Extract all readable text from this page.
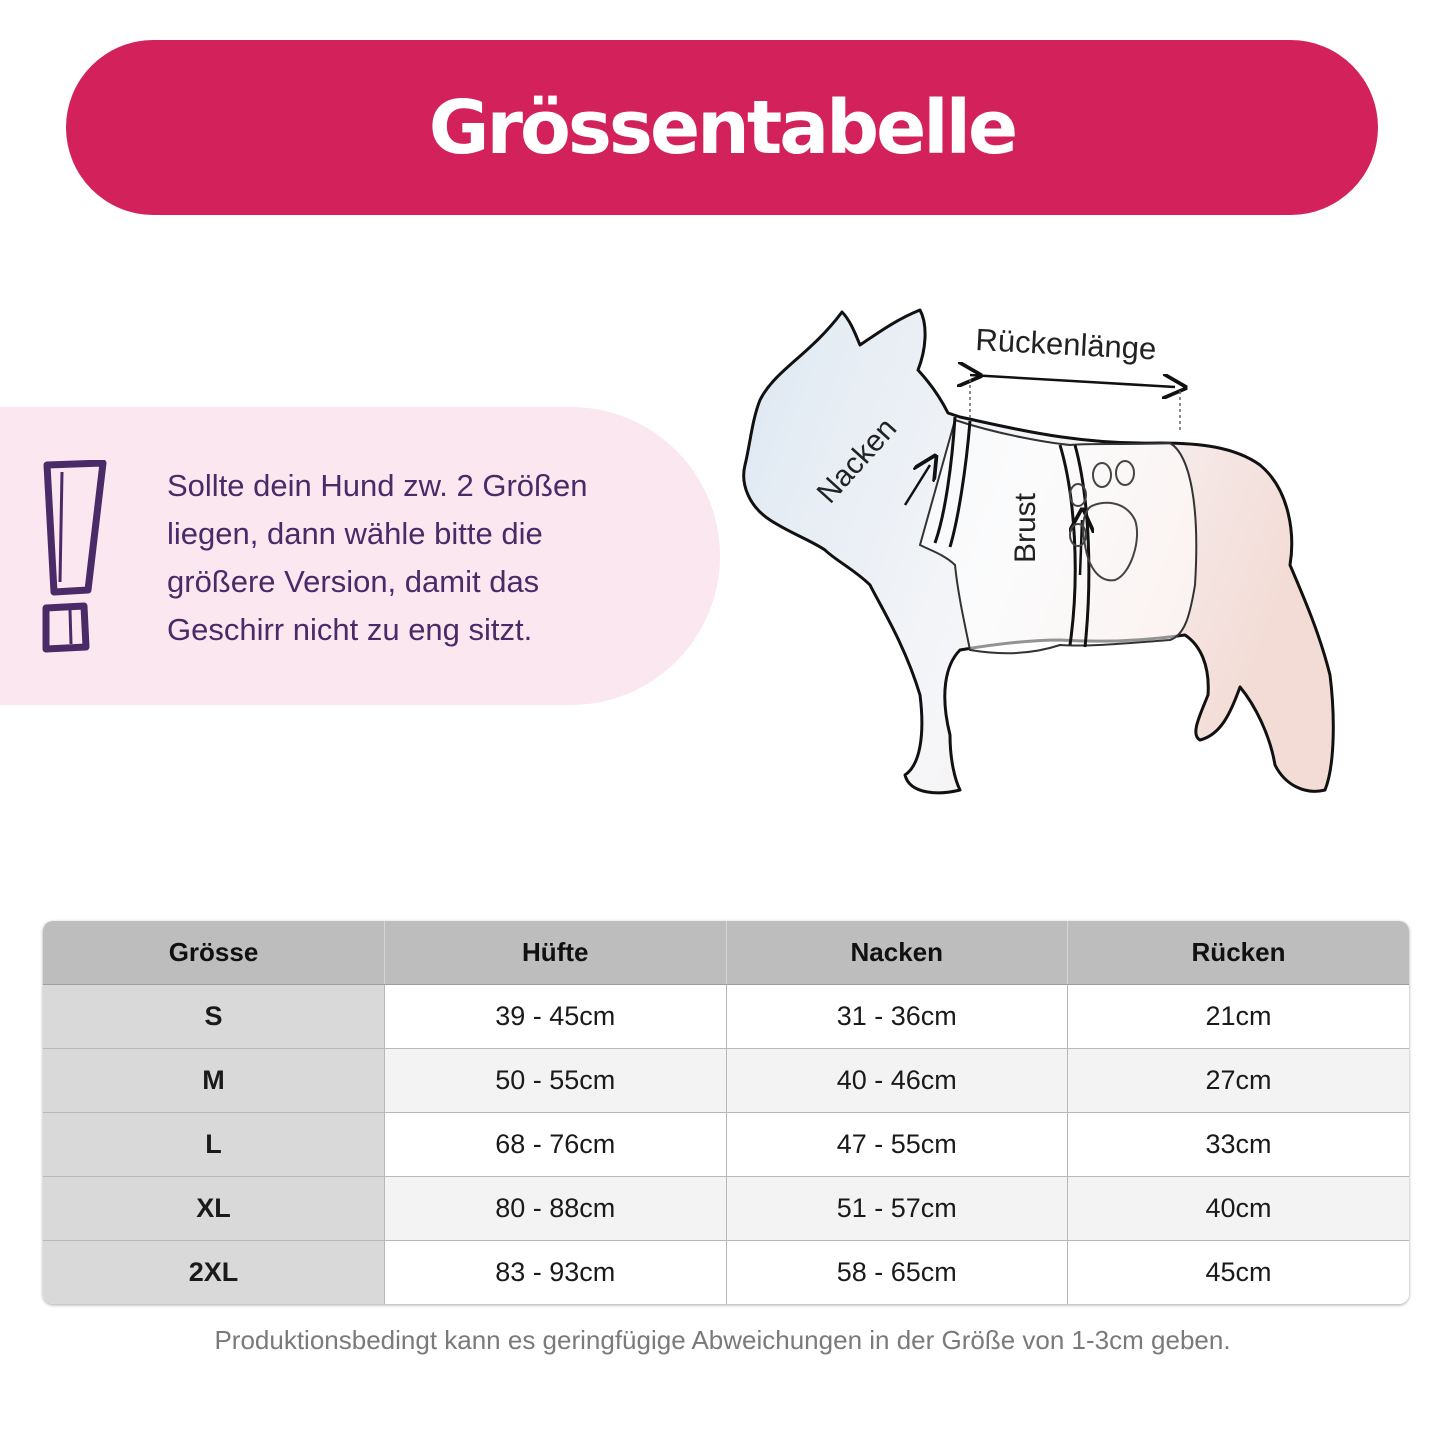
Grössentabelle

Sollte dein Hund zw. 2 Größen
liegen, dann wähle bitte die
größere Version, damit das
Geschirr nicht zu eng sitzt.

Rückenlänge
Nacken
Brust
Grösse	Hüfte	Nacken	Rücken
S	39 - 45cm	31 - 36cm	21cm
M	50 - 55cm	40 - 46cm	27cm
L	68 - 76cm	47 - 55cm	33cm
XL	80 - 88cm	51 - 57cm	40cm
2XL	83 - 93cm	58 - 65cm	45cm

Produktionsbedingt kann es geringfügige Abweichungen in der Größe von 1-3cm geben.
